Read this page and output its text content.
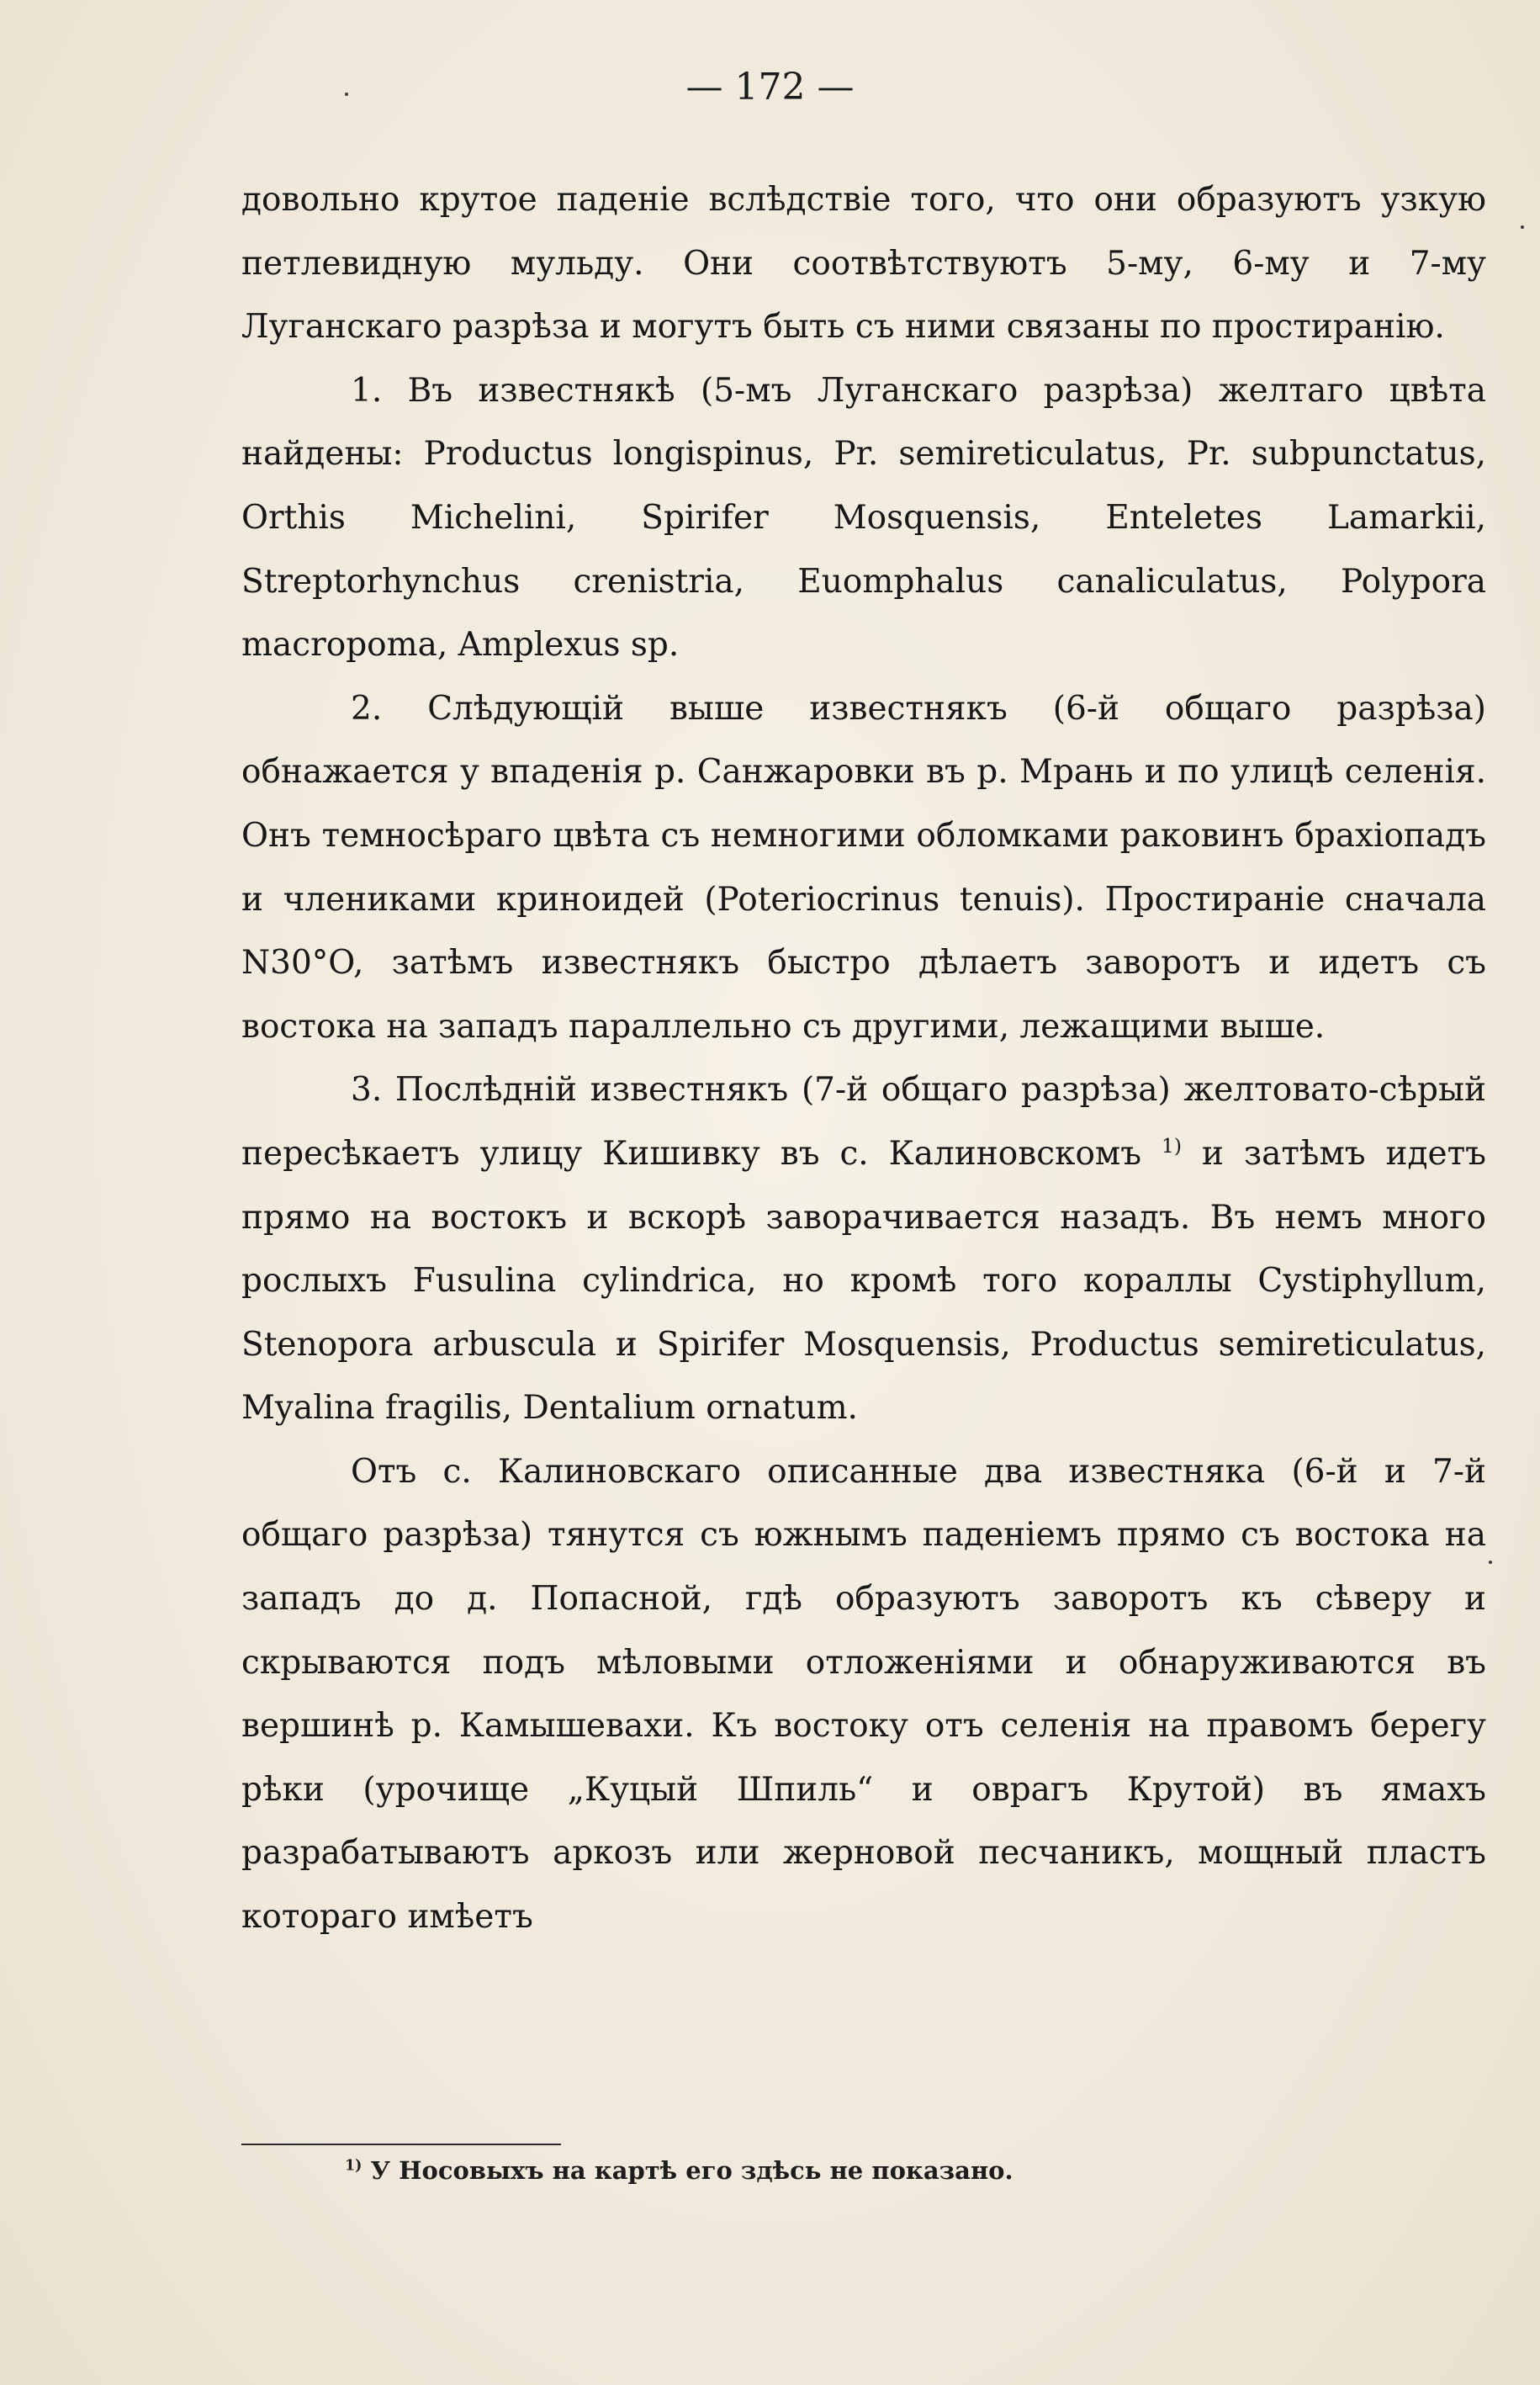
— 172 —

довольно крутое паденіе вслѣдствіе того, что они образуютъ узкую петлевидную мульду. Они соотвѣтствуютъ 5-му, 6-му и 7-му Луганскаго разрѣза и могутъ быть съ ними связаны по простиранію.

1. Въ известнякѣ (5-мъ Луганскаго разрѣза) желтаго цвѣта найдены: Productus longispinus, Pr. semireticulatus, Pr. subpunctatus, Orthis Michelini, Spirifer Mosquensis, Enteletes Lamarkii, Streptorhynchus crenistria, Euomphalus canaliculatus, Polypora macropoma, Amplexus sp.

2. Слѣдующій выше известнякъ (6-й общаго разрѣза) обнажается у впаденія р. Санжаровки въ р. Мрань и по улицѣ селенія. Онъ темносѣраго цвѣта съ немногими обломками раковинъ брахіопадъ и члениками криноидей (Poteriocrinus tenuis). Простираніе сначала N30°O, затѣмъ известнякъ быстро дѣлаетъ заворотъ и идетъ съ востока на западъ параллельно съ другими, лежащими выше.

3. Послѣдній известнякъ (7-й общаго разрѣза) желтовато-сѣрый пересѣкаетъ улицу Кишивку въ с. Калиновскомъ $^{1)}$ и затѣмъ идетъ прямо на востокъ и вскорѣ заворачивается назадъ. Въ немъ много рослыхъ Fusulina cylindrica, но кромѣ того кораллы Cystiphyllum, Stenopora arbuscula и Spirifer Mosquensis, Productus semireticulatus, Myalina fragilis, Dentalium ornatum.

Отъ с. Калиновскаго описанные два известняка (6-й и 7-й общаго разрѣза) тянутся съ южнымъ паденіемъ прямо съ востока на западъ до д. Попасной, гдѣ образуютъ заворотъ къ сѣверу и скрываются подъ мѣловыми отложеніями и обнаруживаются въ вершинѣ р. Камышевахи. Къ востоку отъ селенія на правомъ берегу рѣки (урочище „Куцый Шпиль“ и оврагъ Крутой) въ ямахъ разрабатываютъ аркозъ или жерновой песчаникъ, мощный пластъ котораго имѣетъ

$^{1)}$ У Носовыхъ на картѣ его здѣсь не показано.
